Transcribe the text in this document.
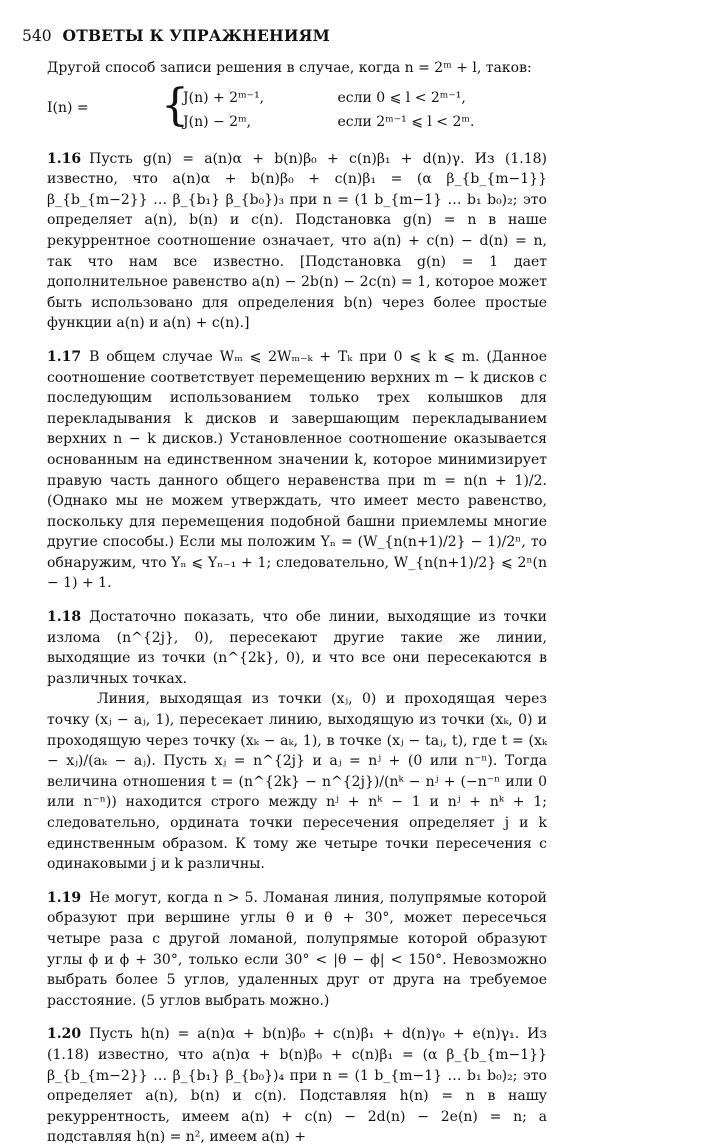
540 ОТВЕТЫ К УПРАЖНЕНИЯМ

Другой способ записи решения в случае, когда n = 2ᵐ + l, таков:

I(n) = {
J(n) + 2ᵐ⁻¹,	если 0 ⩽ l < 2ᵐ⁻¹,
J(n) − 2ᵐ,	если 2ᵐ⁻¹ ⩽ l < 2ᵐ.

1.16 Пусть g(n) = a(n)α + b(n)β₀ + c(n)β₁ + d(n)γ. Из (1.18) известно, что a(n)α + b(n)β₀ + c(n)β₁ = (α β_{b_{m−1}} β_{b_{m−2}} … β_{b₁} β_{b₀})₃ при n = (1 b_{m−1} … b₁ b₀)₂; это определяет a(n), b(n) и c(n). Подстановка g(n) = n в наше рекуррентное соотношение означает, что a(n) + c(n) − d(n) = n, так что нам все известно. [Подстановка g(n) = 1 дает дополнительное равенство a(n) − 2b(n) − 2c(n) = 1, которое может быть использовано для определения b(n) через более простые функции a(n) и a(n) + c(n).]

1.17 В общем случае Wₘ ⩽ 2Wₘ₋ₖ + Tₖ при 0 ⩽ k ⩽ m. (Данное соотношение соответствует перемещению верхних m − k дисков с последующим использованием только трех колышков для перекладывания k дисков и завершающим перекладыванием верхних n − k дисков.) Установленное соотношение оказывается основанным на единственном значении k, которое минимизирует правую часть данного общего неравенства при m = n(n + 1)/2. (Однако мы не можем утверждать, что имеет место равенство, поскольку для перемещения подобной башни приемлемы многие другие способы.) Если мы положим Yₙ = (W_{n(n+1)/2} − 1)/2ⁿ, то обнаружим, что Yₙ ⩽ Yₙ₋₁ + 1; следовательно, W_{n(n+1)/2} ⩽ 2ⁿ(n − 1) + 1.

1.18 Достаточно показать, что обе линии, выходящие из точки излома (n^{2j}, 0), пересекают другие такие же линии, выходящие из точки (n^{2k}, 0), и что все они пересекаются в различных точках.

Линия, выходящая из точки (xⱼ, 0) и проходящая через точку (xⱼ − aⱼ, 1), пересекает линию, выходящую из точки (xₖ, 0) и проходящую через точку (xₖ − aₖ, 1), в точке (xⱼ − taⱼ, t), где t = (xₖ − xⱼ)/(aₖ − aⱼ). Пусть xⱼ = n^{2j} и aⱼ = nʲ + (0 или n⁻ⁿ). Тогда величина отношения t = (n^{2k} − n^{2j})/(nᵏ − nʲ + (−n⁻ⁿ или 0 или n⁻ⁿ)) находится строго между nʲ + nᵏ − 1 и nʲ + nᵏ + 1; следовательно, ордината точки пересечения определяет j и k единственным образом. К тому же четыре точки пересечения с одинаковыми j и k различны.

1.19 Не могут, когда n > 5. Ломаная линия, полупрямые которой образуют при вершине углы θ и θ + 30°, может пересечься четыре раза с другой ломаной, полупрямые которой образуют углы ϕ и ϕ + 30°, только если 30° < |θ − ϕ| < 150°. Невозможно выбрать более 5 углов, удаленных друг от друга на требуемое расстояние. (5 углов выбрать можно.)

1.20 Пусть h(n) = a(n)α + b(n)β₀ + c(n)β₁ + d(n)γ₀ + e(n)γ₁. Из (1.18) известно, что a(n)α + b(n)β₀ + c(n)β₁ = (α β_{b_{m−1}} β_{b_{m−2}} … β_{b₁} β_{b₀})₄ при n = (1 b_{m−1} … b₁ b₀)₂; это определяет a(n), b(n) и c(n). Подставляя h(n) = n в нашу рекуррентность, имеем a(n) + c(n) − 2d(n) − 2e(n) = n; а подставляя h(n) = n², имеем a(n) +
